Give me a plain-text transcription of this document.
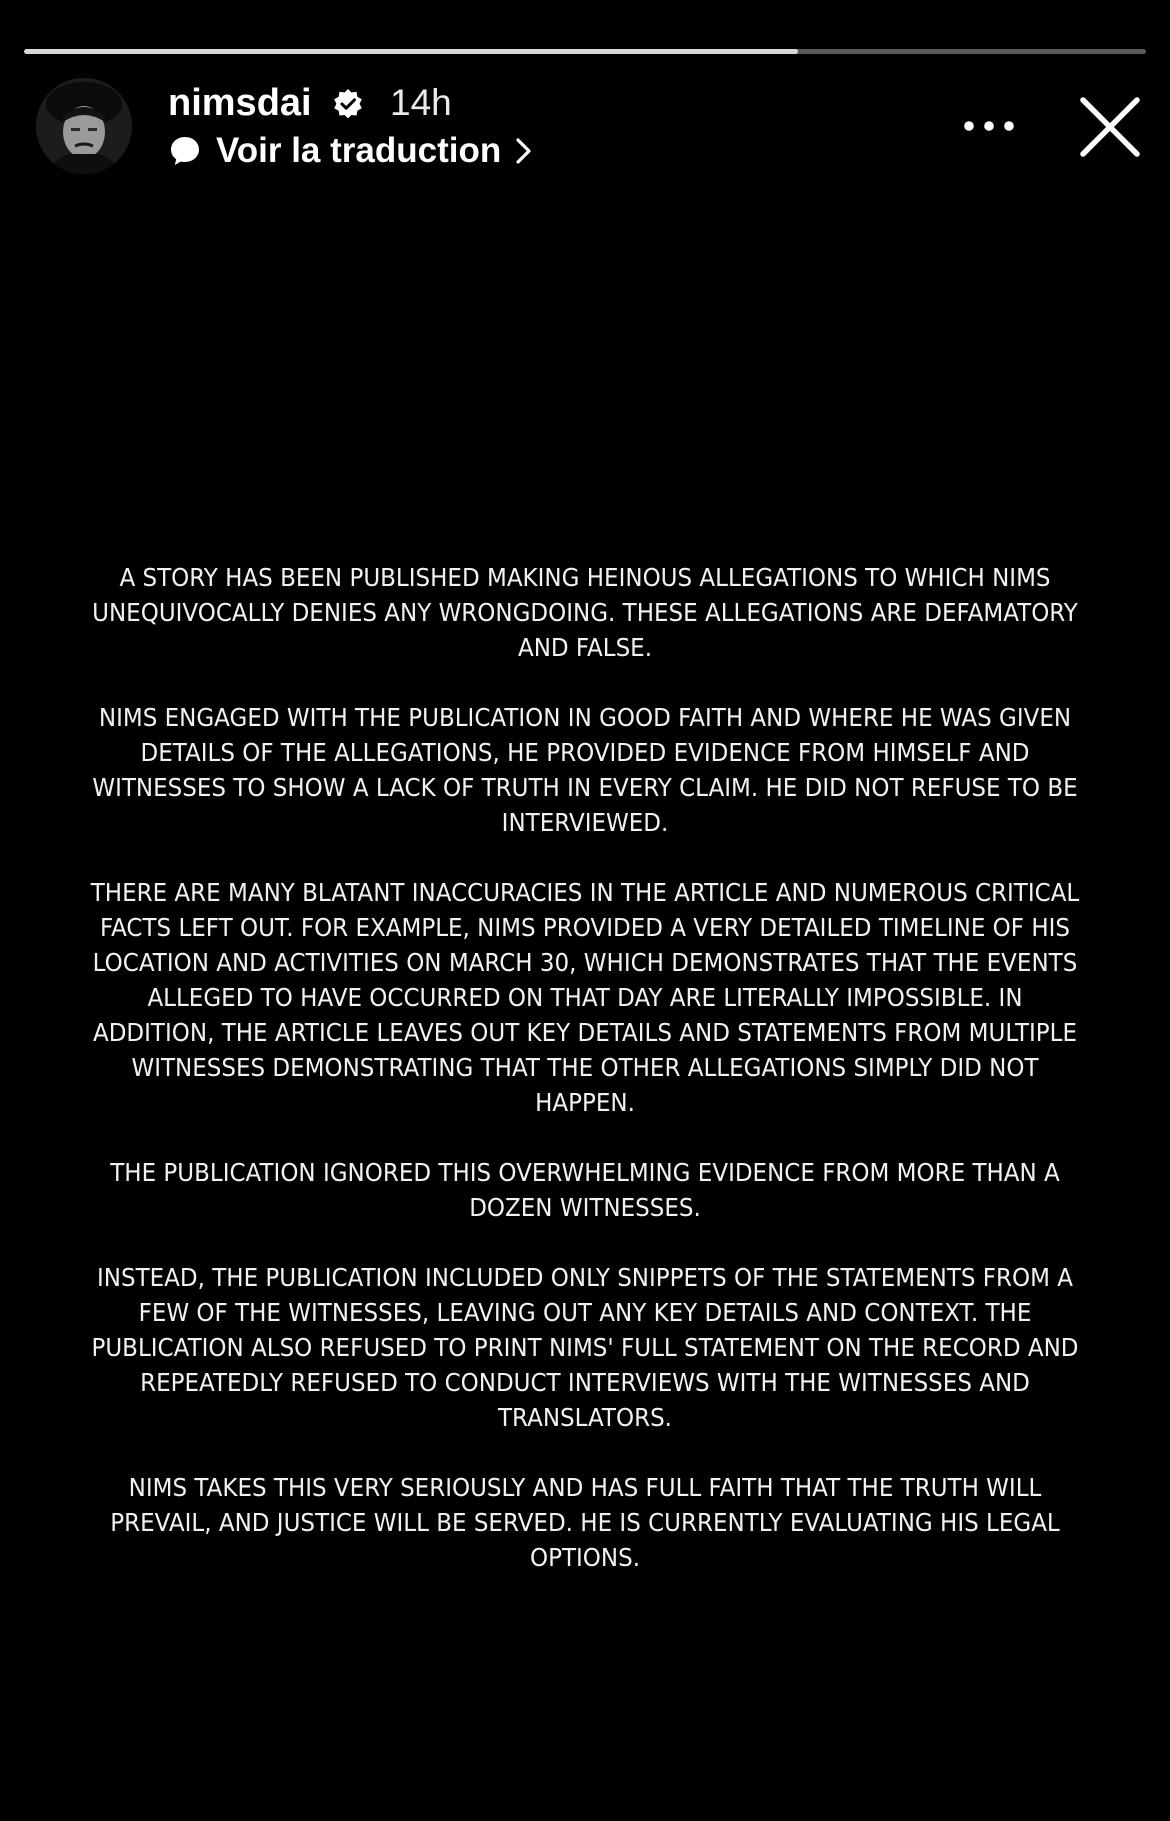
nimsdai 14h
Voir la traduction

A STORY HAS BEEN PUBLISHED MAKING HEINOUS ALLEGATIONS TO WHICH NIMS UNEQUIVOCALLY DENIES ANY WRONGDOING. THESE ALLEGATIONS ARE DEFAMATORY AND FALSE.

NIMS ENGAGED WITH THE PUBLICATION IN GOOD FAITH AND WHERE HE WAS GIVEN DETAILS OF THE ALLEGATIONS, HE PROVIDED EVIDENCE FROM HIMSELF AND WITNESSES TO SHOW A LACK OF TRUTH IN EVERY CLAIM. HE DID NOT REFUSE TO BE INTERVIEWED.

THERE ARE MANY BLATANT INACCURACIES IN THE ARTICLE AND NUMEROUS CRITICAL FACTS LEFT OUT. FOR EXAMPLE, NIMS PROVIDED A VERY DETAILED TIMELINE OF HIS LOCATION AND ACTIVITIES ON MARCH 30, WHICH DEMONSTRATES THAT THE EVENTS ALLEGED TO HAVE OCCURRED ON THAT DAY ARE LITERALLY IMPOSSIBLE. IN ADDITION, THE ARTICLE LEAVES OUT KEY DETAILS AND STATEMENTS FROM MULTIPLE WITNESSES DEMONSTRATING THAT THE OTHER ALLEGATIONS SIMPLY DID NOT HAPPEN.

THE PUBLICATION IGNORED THIS OVERWHELMING EVIDENCE FROM MORE THAN A DOZEN WITNESSES.

INSTEAD, THE PUBLICATION INCLUDED ONLY SNIPPETS OF THE STATEMENTS FROM A FEW OF THE WITNESSES, LEAVING OUT ANY KEY DETAILS AND CONTEXT. THE PUBLICATION ALSO REFUSED TO PRINT NIMS' FULL STATEMENT ON THE RECORD AND REPEATEDLY REFUSED TO CONDUCT INTERVIEWS WITH THE WITNESSES AND TRANSLATORS.

NIMS TAKES THIS VERY SERIOUSLY AND HAS FULL FAITH THAT THE TRUTH WILL PREVAIL, AND JUSTICE WILL BE SERVED. HE IS CURRENTLY EVALUATING HIS LEGAL OPTIONS.
